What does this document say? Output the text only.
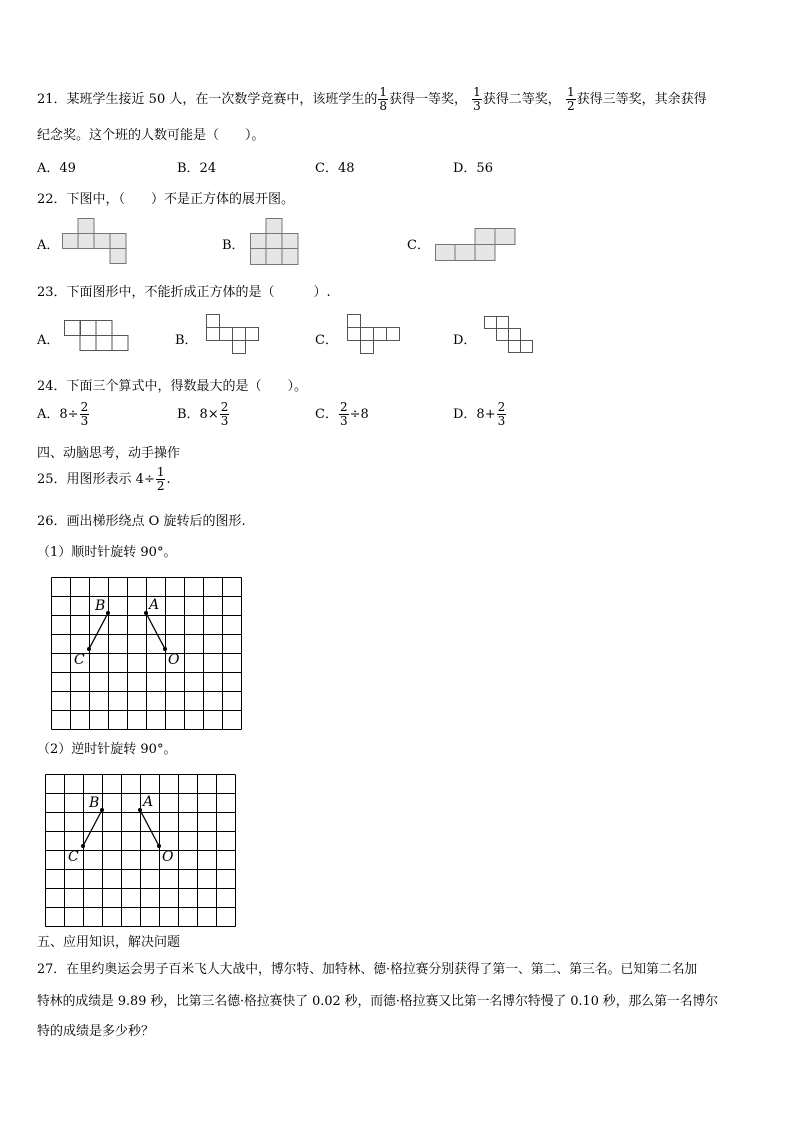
21．某班学生接近 50 人，在一次数学竞赛中，该班学生的 $\frac{1}{8}$ 获得一等奖， $\frac{1}{3}$ 获得二等奖， $\frac{1}{2}$ 获得三等奖，其余获得
纪念奖。这个班的人数可能是（　　）。
A．49	B．24	C．48	D．56
22．下图中，（　　）不是正方体的展开图。
A．	B．	C．
23．下面图形中，不能折成正方体的是（　　　）.
A．	B．	C．	D．
24．下面三个算式中，得数最大的是（　　）。
A．$8\div \frac{2}{3}$	B．$8\times \frac{2}{3}$	C． $\frac{2}{3} \div 8$	D．$8+ \frac{2}{3}$
四、动脑思考，动手操作
25．用图形表示 $4\div \frac{1}{2}$ .
26．画出梯形绕点 O 旋转后的图形.
（1）顺时针旋转 90°。
B	A
C	O
（2）逆时针旋转 90°。
B	A
C	O
五、应用知识，解决问题
27．在里约奥运会男子百米飞人大战中，博尔特、加特林、德·格拉赛分别获得了第一、第二、第三名。已知第二名加
特林的成绩是 9.89 秒，比第三名德·格拉赛快了 0.02 秒，而德·格拉赛又比第一名博尔特慢了 0.10 秒，那么第一名博尔
特的成绩是多少秒？
